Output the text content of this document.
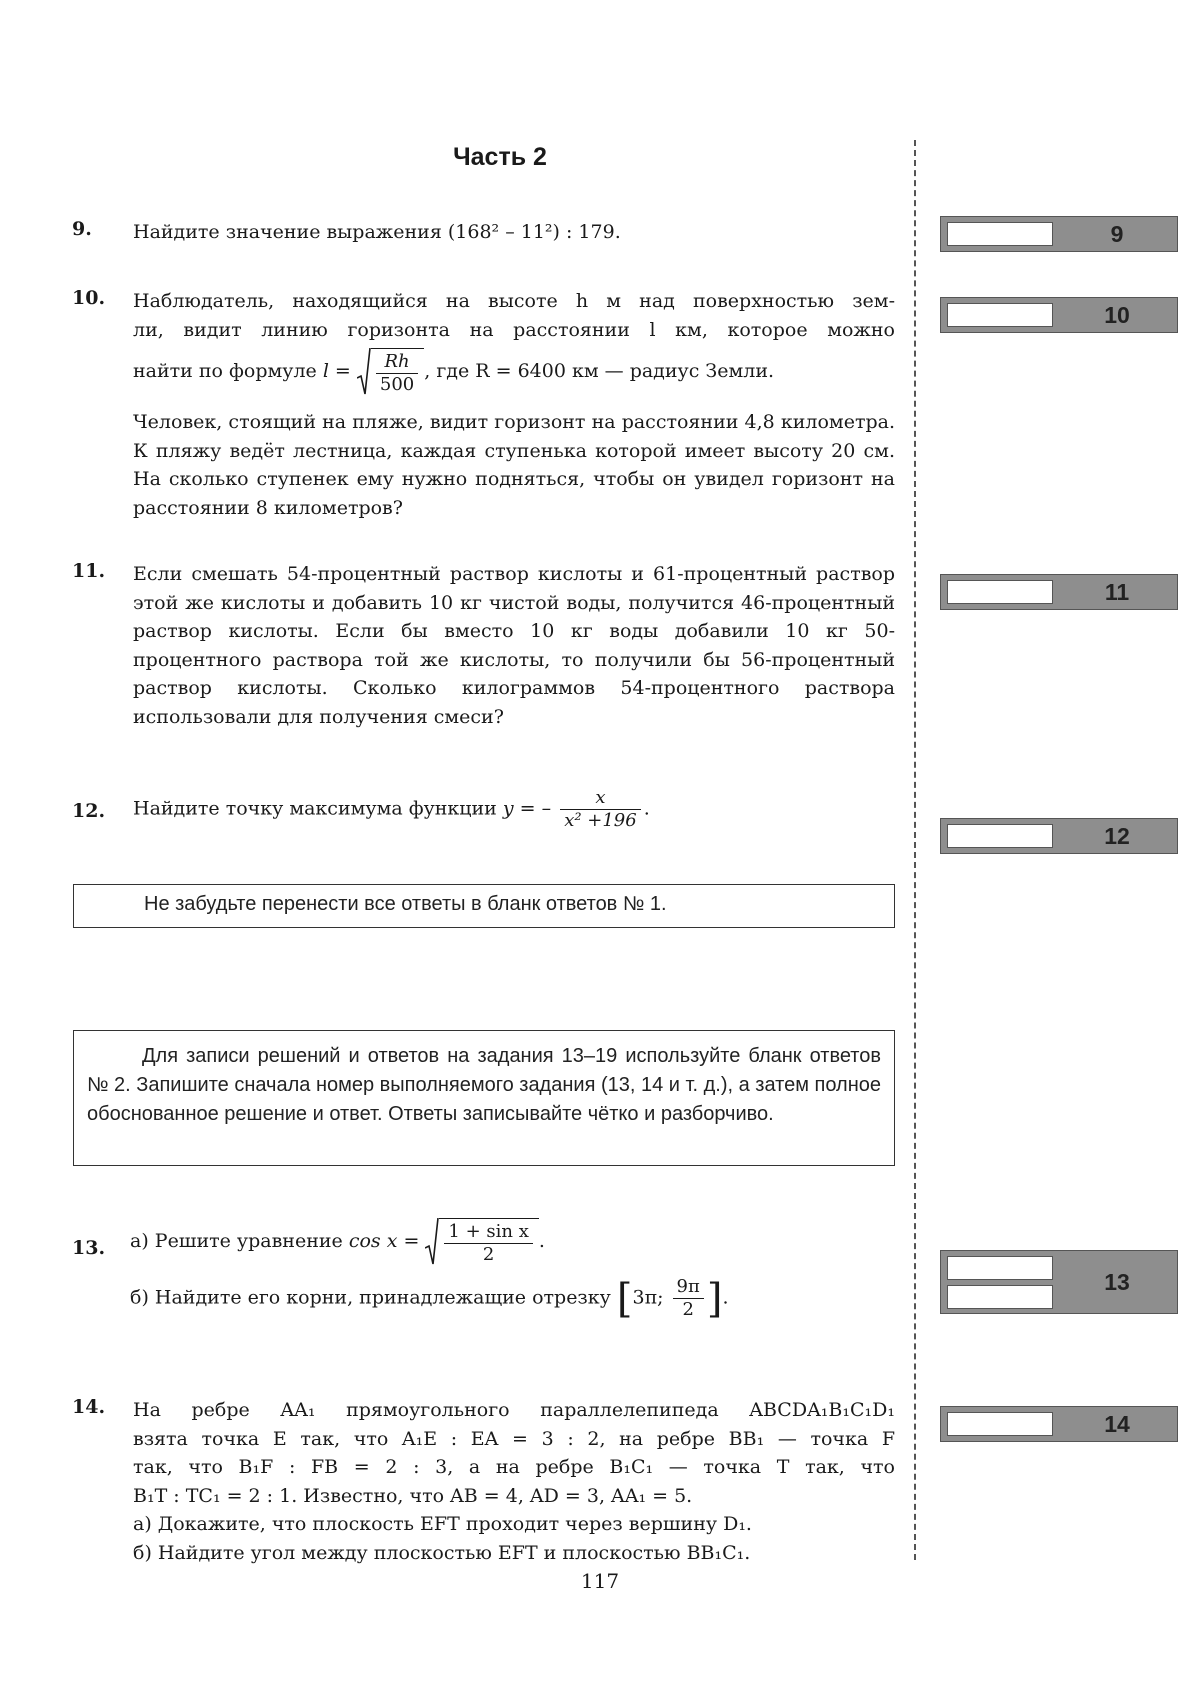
Часть 2
9.	Найдите значение выражения (168² – 11²) : 179.
10.	Наблюдатель, находящийся на высоте h м над поверхностью зем-

ли, видит линию горизонта на расстоянии l км, которое можно

найти по формуле $l = \frac{Rh}{500}$ , где R = 6400 км — радиус Земли.

Человек, стоящий на пляже, видит горизонт на расстоянии 4,8 километра. К пляжу ведёт лестница, каждая ступенька которой имеет высоту 20 см. На сколько ступенек ему нужно подняться, чтобы он увидел горизонт на расстоянии 8 километров?

11.	Если смешать 54-процентный раствор кислоты и 61-процентный раствор этой же кислоты и добавить 10 кг чистой воды, получится 46-процентный раствор кислоты. Если бы вместо 10 кг воды добавили 10 кг 50-процентного раствора той же кислоты, то получили бы 56-процентный раствор кислоты. Сколько килограммов 54-процентного раствора использовали для получения смеси?
12.	Найдите точку максимума функции y = – $\frac{x}{\text{x² +196}}$ .
Не забудьте перенести все ответы в бланк ответов № 1.

Для записи решений и ответов на задания 13–19 используйте бланк ответов № 2. Запишите сначала номер выполняемого задания (13, 14 и т. д.), а затем полное обоснованное решение и ответ. Ответы записывайте чётко и разборчиво.

13.	а) Решите уравнение $\cos x = \frac{\text{1 + sin x}}{2}$ .

б) Найдите его корни, принадлежащие отрезку [3π; $\frac{9\pi}{2}$ ].

14.	На ребре AA₁ прямоугольного параллелепипеда ABCDA₁B₁C₁D₁

взята точка E так, что A₁E : EA = 3 : 2, на ребре BB₁ — точка F

так, что B₁F : FB = 2 : 3, а на ребре B₁C₁ — точка T так, что

B₁T : TC₁ = 2 : 1. Известно, что AB = 4, AD = 3, AA₁ = 5.

а) Докажите, что плоскость EFT проходит через вершину D₁.

б) Найдите угол между плоскостью EFT и плоскостью BB₁C₁.

9
10
11
12
13
14
117
